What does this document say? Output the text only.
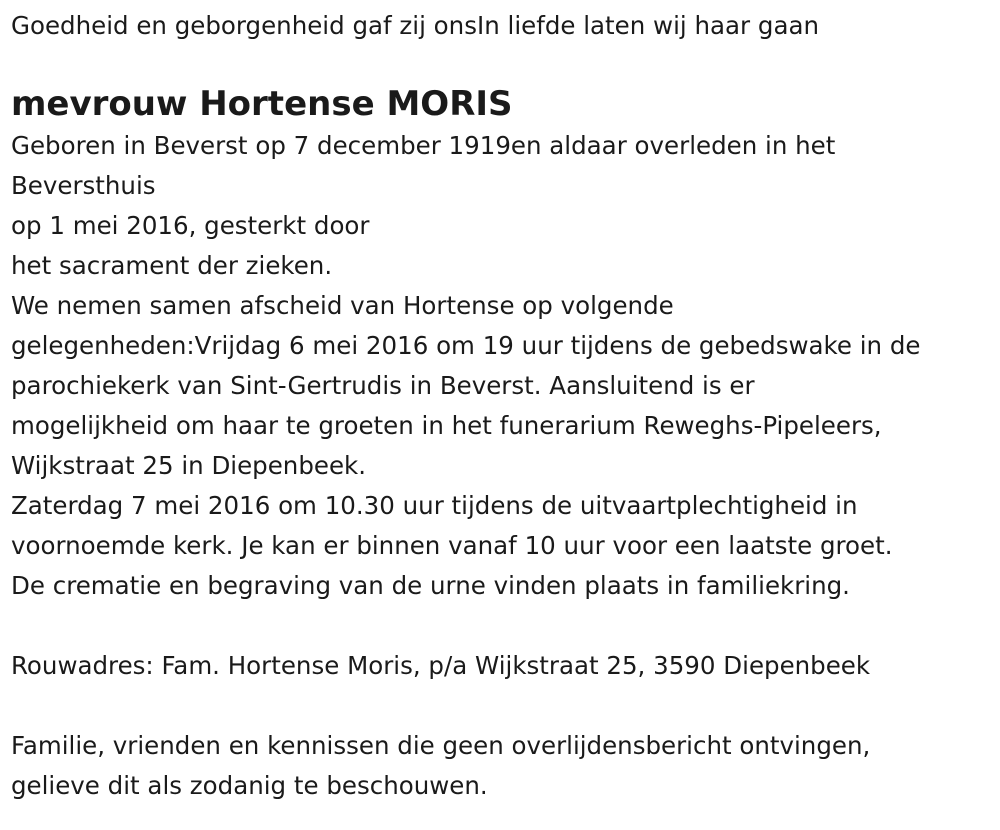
Goedheid en geborgenheid gaf zij onsIn liefde laten wij haar gaan
mevrouw Hortense MORIS
Geboren in Beverst op 7 december 1919en aldaar overleden in het
Beversthuis
op 1 mei 2016, gesterkt door
het sacrament der zieken.
We nemen samen afscheid van Hortense op volgende
gelegenheden:Vrijdag 6 mei 2016 om 19 uur tijdens de gebedswake in de
parochiekerk van Sint-Gertrudis in Beverst. Aansluitend is er
mogelijkheid om haar te groeten in het funerarium Reweghs-Pipeleers,
Wijkstraat 25 in Diepenbeek.
Zaterdag 7 mei 2016 om 10.30 uur tijdens de uitvaartplechtigheid in
voornoemde kerk. Je kan er binnen vanaf 10 uur voor een laatste groet.
De crematie en begraving van de urne vinden plaats in familiekring.
Rouwadres: Fam. Hortense Moris, p/a Wijkstraat 25, 3590 Diepenbeek
Familie, vrienden en kennissen die geen overlijdensbericht ontvingen,
gelieve dit als zodanig te beschouwen.
